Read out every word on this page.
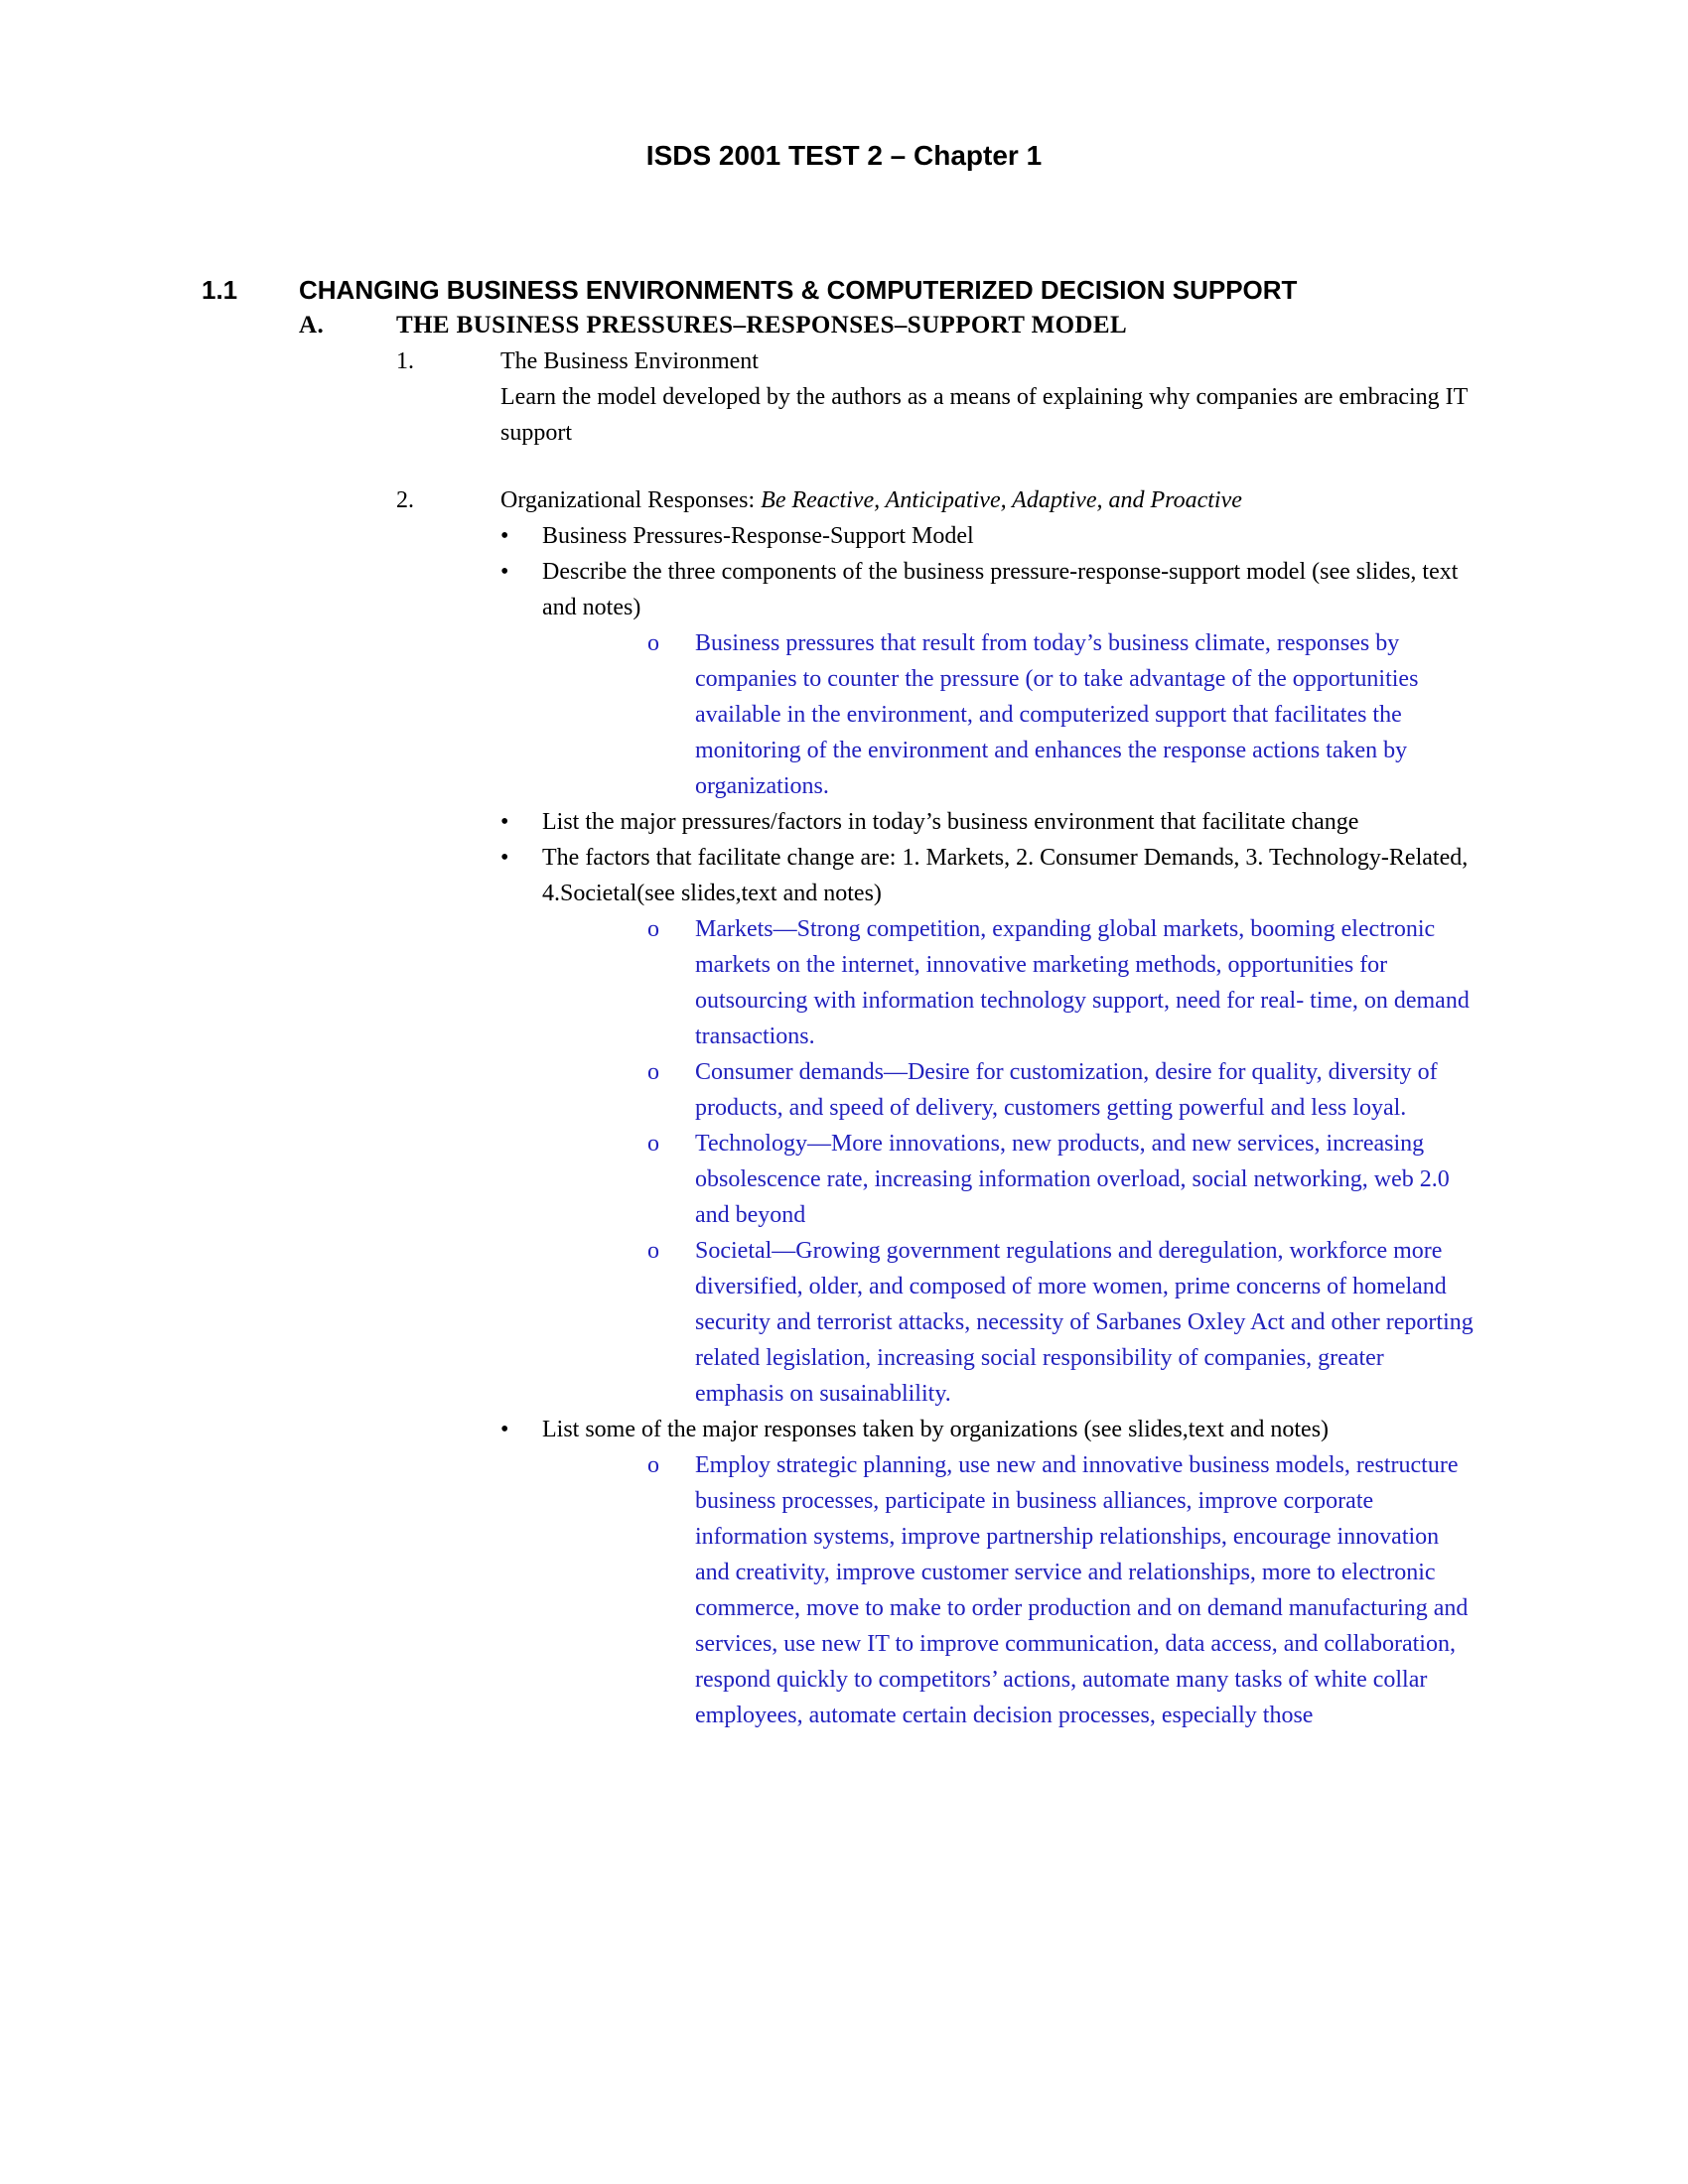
ISDS 2001 TEST 2 – Chapter 1
1.1 CHANGING BUSINESS ENVIRONMENTS & COMPUTERIZED DECISION SUPPORT
A.	THE BUSINESS PRESSURES–RESPONSES–SUPPORT MODEL
1.	The Business Environment
Learn the model developed by the authors as a means of explaining why companies are embracing IT support
2.	Organizational Responses: Be Reactive, Anticipative, Adaptive, and Proactive
• Business Pressures-Response-Support Model
• Describe the three components of the business pressure-response-support model (see slides, text and notes)
o Business pressures that result from today’s business climate, responses by companies to counter the pressure (or to take advantage of the opportunities available in the environment, and computerized support that facilitates the monitoring of the environment and enhances the response actions taken by organizations.
• List the major pressures/factors in today’s business environment that facilitate change
• The factors that facilitate change are: 1. Markets, 2. Consumer Demands, 3. Technology-Related, 4.Societal(see slides,text and notes)
o Markets—Strong competition, expanding global markets, booming electronic markets on the internet, innovative marketing methods, opportunities for outsourcing with information technology support, need for real- time, on demand transactions.
o Consumer demands—Desire for customization, desire for quality, diversity of products, and speed of delivery, customers getting powerful and less loyal.
o Technology—More innovations, new products, and new services, increasing obsolescence rate, increasing information overload, social networking, web 2.0 and beyond
o Societal—Growing government regulations and deregulation, workforce more diversified, older, and composed of more women, prime concerns of homeland security and terrorist attacks, necessity of Sarbanes Oxley Act and other reporting related legislation, increasing social responsibility of companies, greater emphasis on susainablility.
• List some of the major responses taken by organizations (see slides,text and notes)
o Employ strategic planning, use new and innovative business models, restructure business processes, participate in business alliances, improve corporate information systems, improve partnership relationships, encourage innovation and creativity, improve customer service and relationships, more to electronic commerce, move to make to order production and on demand manufacturing and services, use new IT to improve communication, data access, and collaboration, respond quickly to competitors’ actions, automate many tasks of white collar employees, automate certain decision processes, especially those
